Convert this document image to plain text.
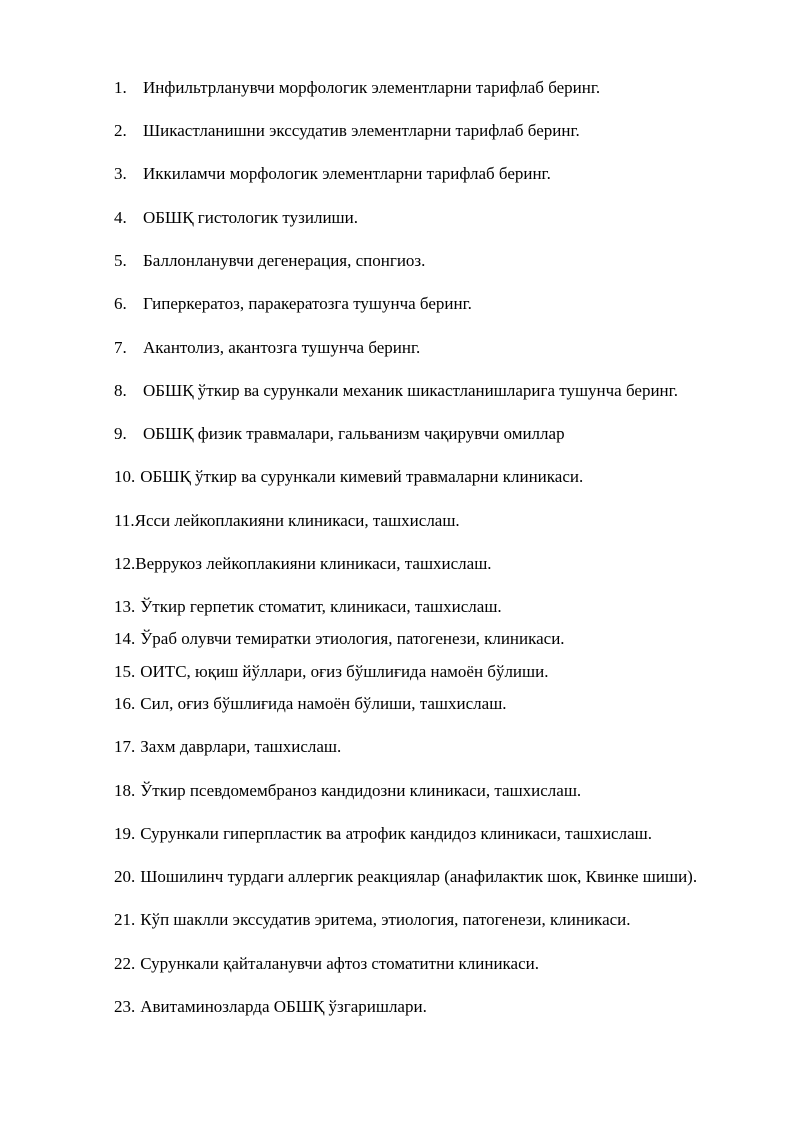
1. Инфильтрланувчи морфологик элементларни тарифлаб беринг.
2. Шикастланишни экссудатив элементларни тарифлаб беринг.
3. Иккиламчи морфологик элементларни тарифлаб беринг.
4. ОБШҚ гистологик тузилиши.
5. Баллонланувчи дегенерация, спонгиоз.
6. Гиперкератоз, паракератозга тушунча беринг.
7. Акантолиз, акантозга тушунча беринг.
8. ОБШҚ ўткир ва сурункали механик шикастланишларига тушунча беринг.
9. ОБШҚ физик травмалари, гальванизм чақирувчи омиллар
10. ОБШҚ ўткир ва сурункали кимевий травмаларни клиникаси.
11.Ясси лейкоплакияни клиникаси, ташхислаш.
12.Веррукоз лейкоплакияни клиникаси, ташхислаш.
13. Ўткир герпетик стоматит, клиникаси, ташхислаш.
14. Ўраб олувчи темиратки этиология, патогенези, клиникаси.
15. ОИТС, юқиш йўллари, оғиз бўшлиғида намоён бўлиши.
16. Сил, оғиз бўшлиғида намоён бўлиши, ташхислаш.
17. Захм даврлари, ташхислаш.
18. Ўткир псевдомембраноз кандидозни клиникаси, ташхислаш.
19. Сурункали гиперпластик ва атрофик кандидоз клиникаси, ташхислаш.
20. Шошилинч турдаги аллергик реакциялар (анафилактик шок, Квинке шиши).
21. Кўп шаклли экссудатив эритема, этиология, патогенези, клиникаси.
22. Сурункали қайталанувчи афтоз стоматитни клиникаси.
23. Авитаминозларда ОБШҚ ўзгаришлари.
